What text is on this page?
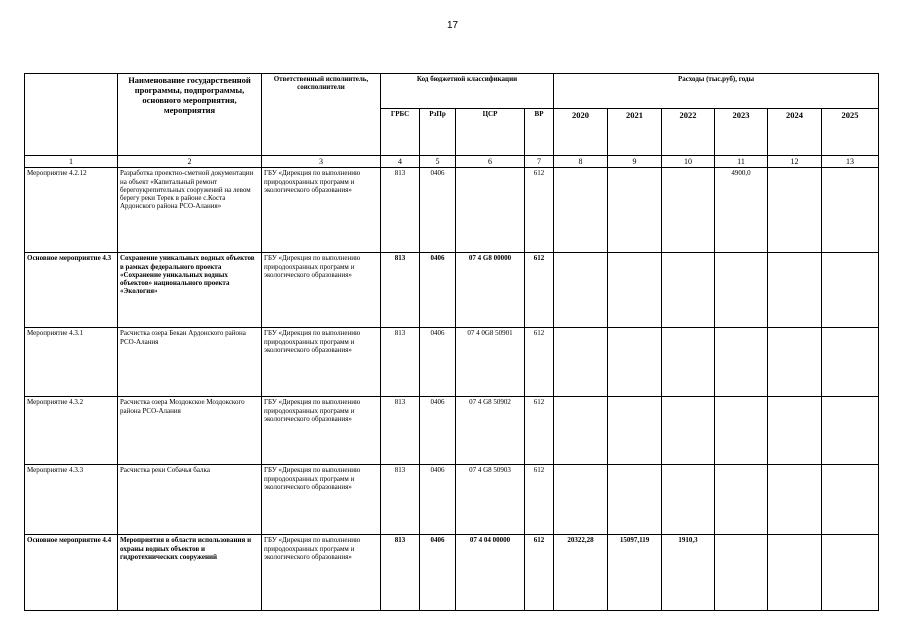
17
	Наименование государственной программы, подпрограммы, основного мероприятия, мероприятия	Ответственный исполнитель, соисполнители	Код бюджетной классификации				Расходы (тыс.руб), годы					
			ГРБС	РзПр	ЦСР	ВР	2020	2021	2022	2023	2024	2025
1	2	3	4	5	6	7	8	9	10	11	12	13
Мероприятие 4.2.12	Разработка проектно-сметной документации на объект «Капитальный ремонт берегоукрепительных сооружений на левом берегу реки Терек в районе с.Коста Ардонского района РСО-Алания»	ГБУ «Дирекция по выполнению природоохранных программ и экологического образования»	813	0406		612				4900,0		
Основное мероприятие 4.3	Сохранение уникальных водных объектов в рамках федерального проекта «Сохранение уникальных водных объектов» национального проекта «Экология»	ГБУ «Дирекция по выполнению природоохранных программ и экологического образования»	813	0406	07 4 G8 00000	612						
Мероприятие 4.3.1	Расчистка озера Бекан Ардонского района РСО-Алания	ГБУ «Дирекция по выполнению природоохранных программ и экологического образования»	813	0406	07 4 0G8 50901	612						
Мероприятие 4.3.2	Расчистка озера Моздокское Моздокского района РСО-Алания	ГБУ «Дирекция по выполнению природоохранных программ и экологического образования»	813	0406	07 4 G8 50902	612						
Мероприятие 4.3.3	Расчистка реки Собачья балка	ГБУ «Дирекция по выполнению природоохранных программ и экологического образования»	813	0406	07 4 G8 50903	612						
Основное мероприятие 4.4	Мероприятия в области использования и охраны водных объектов и гидротехнических сооружений	ГБУ «Дирекция по выполнению природоохранных программ и экологического образования»	813	0406	07 4 04 00000	612	20322,28	15097,119	1910,3			
